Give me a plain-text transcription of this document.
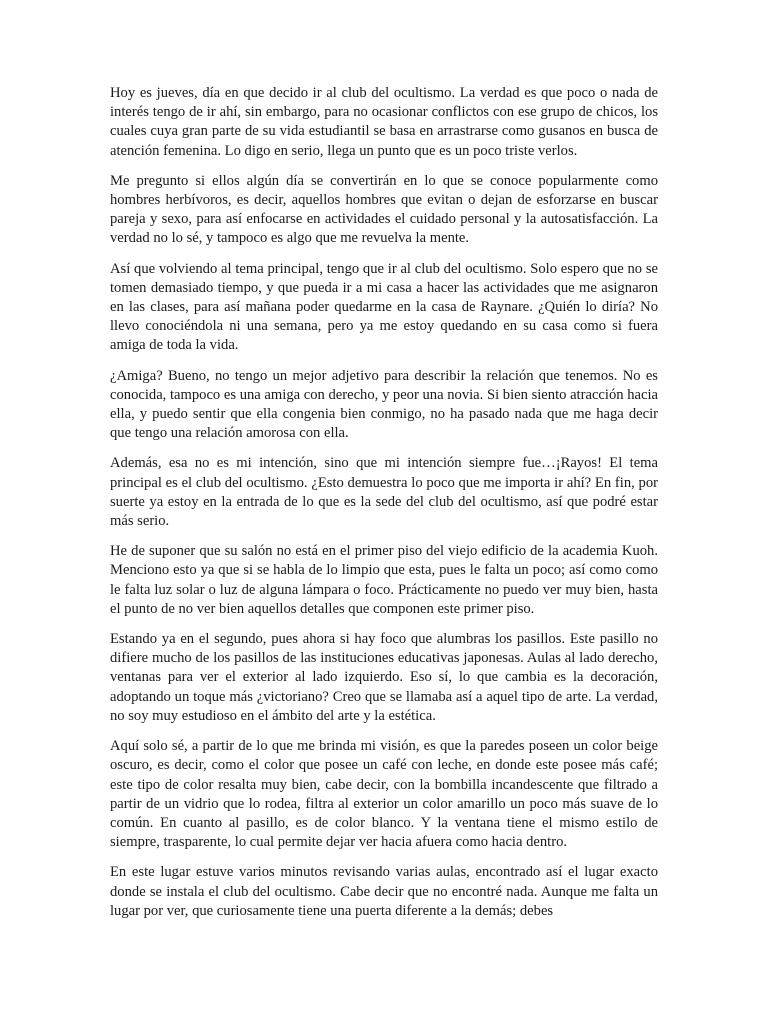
Hoy es jueves, día en que decido ir al club del ocultismo. La verdad es que poco o nada de interés tengo de ir ahí, sin embargo, para no ocasionar conflictos con ese grupo de chicos, los cuales cuya gran parte de su vida estudiantil se basa en arrastrarse como gusanos en busca de atención femenina. Lo digo en serio, llega un punto que es un poco triste verlos.

Me pregunto si ellos algún día se convertirán en lo que se conoce popularmente como hombres herbívoros, es decir, aquellos hombres que evitan o dejan de esforzarse en buscar pareja y sexo, para así enfocarse en actividades el cuidado personal y la autosatisfacción. La verdad no lo sé, y tampoco es algo que me revuelva la mente.

Así que volviendo al tema principal, tengo que ir al club del ocultismo. Solo espero que no se tomen demasiado tiempo, y que pueda ir a mi casa a hacer las actividades que me asignaron en las clases, para así mañana poder quedarme en la casa de Raynare. ¿Quién lo diría? No llevo conociéndola ni una semana, pero ya me estoy quedando en su casa como si fuera amiga de toda la vida.

¿Amiga? Bueno, no tengo un mejor adjetivo para describir la relación que tenemos. No es conocida, tampoco es una amiga con derecho, y peor una novia. Si bien siento atracción hacia ella, y puedo sentir que ella congenia bien conmigo, no ha pasado nada que me haga decir que tengo una relación amorosa con ella.

Además, esa no es mi intención, sino que mi intención siempre fue…¡Rayos! El tema principal es el club del ocultismo. ¿Esto demuestra lo poco que me importa ir ahí? En fin, por suerte ya estoy en la entrada de lo que es la sede del club del ocultismo, así que podré estar más serio.

He de suponer que su salón no está en el primer piso del viejo edificio de la academia Kuoh. Menciono esto ya que si se habla de lo limpio que esta, pues le falta un poco; así como como le falta luz solar o luz de alguna lámpara o foco. Prácticamente no puedo ver muy bien, hasta el punto de no ver bien aquellos detalles que componen este primer piso.

Estando ya en el segundo, pues ahora si hay foco que alumbras los pasillos. Este pasillo no difiere mucho de los pasillos de las instituciones educativas japonesas. Aulas al lado derecho, ventanas para ver el exterior al lado izquierdo. Eso sí, lo que cambia es la decoración, adoptando un toque más ¿victoriano? Creo que se llamaba así a aquel tipo de arte. La verdad, no soy muy estudioso en el ámbito del arte y la estética.

Aquí solo sé, a partir de lo que me brinda mi visión, es que la paredes poseen un color beige oscuro, es decir, como el color que posee un café con leche, en donde este posee más café; este tipo de color resalta muy bien, cabe decir, con la bombilla incandescente que filtrado a partir de un vidrio que lo rodea, filtra al exterior un color amarillo un poco más suave de lo común. En cuanto al pasillo, es de color blanco. Y la ventana tiene el mismo estilo de siempre, trasparente, lo cual permite dejar ver hacia afuera como hacia dentro.

En este lugar estuve varios minutos revisando varias aulas, encontrado así el lugar exacto donde se instala el club del ocultismo. Cabe decir que no encontré nada. Aunque me falta un lugar por ver, que curiosamente tiene una puerta diferente a la demás; debes
